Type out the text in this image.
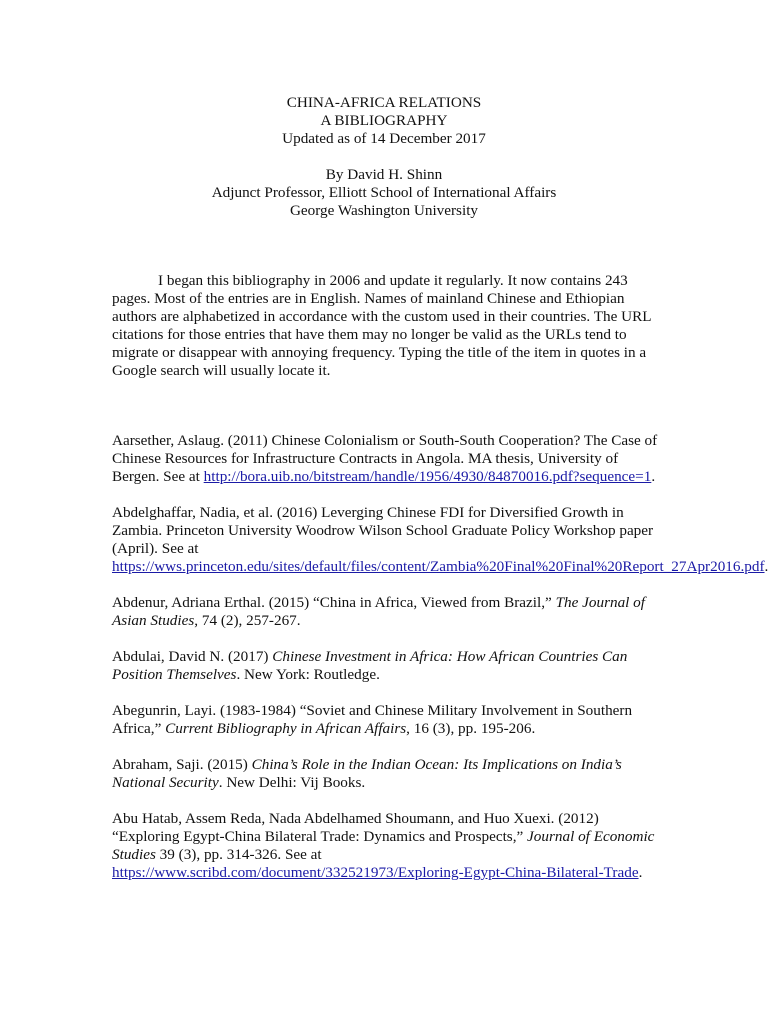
CHINA-AFRICA RELATIONS
A BIBLIOGRAPHY
Updated as of 14 December 2017
By David H. Shinn
Adjunct Professor, Elliott School of International Affairs
George Washington University

I began this bibliography in 2006 and update it regularly. It now contains 243 pages. Most of the entries are in English. Names of mainland Chinese and Ethiopian authors are alphabetized in accordance with the custom used in their countries. The URL citations for those entries that have them may no longer be valid as the URLs tend to migrate or disappear with annoying frequency. Typing the title of the item in quotes in a Google search will usually locate it.

Aarsether, Aslaug. (2011) Chinese Colonialism or South-South Cooperation? The Case of Chinese Resources for Infrastructure Contracts in Angola. MA thesis, University of Bergen. See at http://bora.uib.no/bitstream/handle/1956/4930/84870016.pdf?sequence=1.

Abdelghaffar, Nadia, et al. (2016) Leverging Chinese FDI for Diversified Growth in Zambia. Princeton University Woodrow Wilson School Graduate Policy Workshop paper (April). See at https://wws.princeton.edu/sites/default/files/content/Zambia%20Final%20Final%20Report_27Apr2016.pdf.

Abdenur, Adriana Erthal. (2015) “China in Africa, Viewed from Brazil,” The Journal of Asian Studies, 74 (2), 257-267.

Abdulai, David N. (2017) Chinese Investment in Africa: How African Countries Can Position Themselves. New York: Routledge.

Abegunrin, Layi. (1983-1984) “Soviet and Chinese Military Involvement in Southern Africa,” Current Bibliography in African Affairs, 16 (3), pp. 195-206.

Abraham, Saji. (2015) China’s Role in the Indian Ocean: Its Implications on India’s National Security. New Delhi: Vij Books.

Abu Hatab, Assem Reda, Nada Abdelhamed Shoumann, and Huo Xuexi. (2012) “Exploring Egypt-China Bilateral Trade: Dynamics and Prospects,” Journal of Economic Studies 39 (3), pp. 314-326. See at https://www.scribd.com/document/332521973/Exploring-Egypt-China-Bilateral-Trade.
